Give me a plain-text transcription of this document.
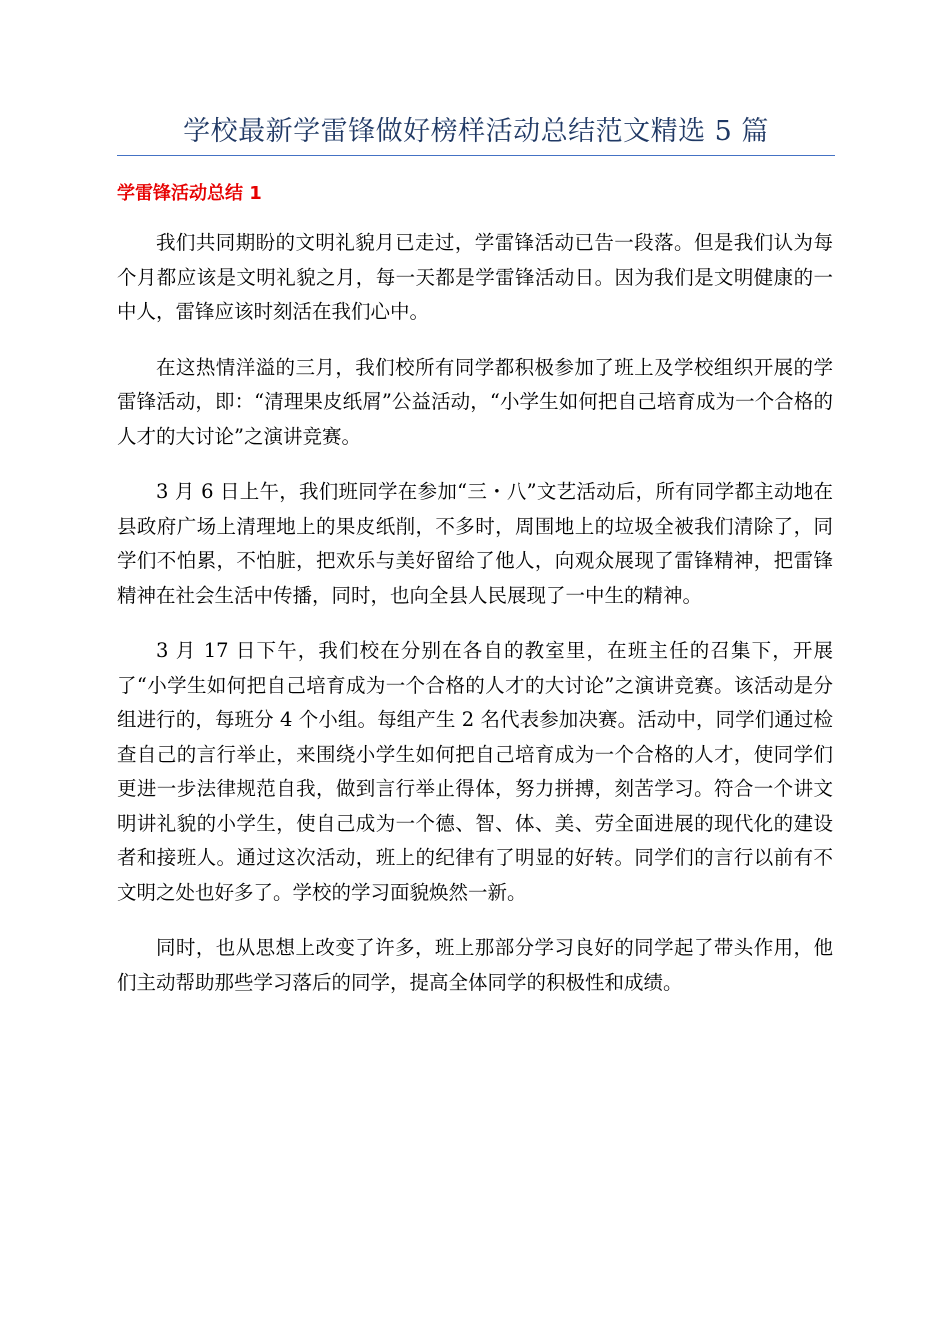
学校最新学雷锋做好榜样活动总结范文精选 5 篇
学雷锋活动总结 1

我们共同期盼的文明礼貌月已走过，学雷锋活动已告一段落。但是我们认为每个月都应该是文明礼貌之月，每一天都是学雷锋活动日。因为我们是文明健康的一中人，雷锋应该时刻活在我们心中。

在这热情洋溢的三月，我们校所有同学都积极参加了班上及学校组织开展的学雷锋活动，即：“清理果皮纸屑”公益活动，“小学生如何把自己培育成为一个合格的人才的大讨论”之演讲竞赛。

3 月 6 日上午，我们班同学在参加“三・八”文艺活动后，所有同学都主动地在县政府广场上清理地上的果皮纸削，不多时，周围地上的垃圾全被我们清除了，同学们不怕累，不怕脏，把欢乐与美好留给了他人，向观众展现了雷锋精神，把雷锋精神在社会生活中传播，同时，也向全县人民展现了一中生的精神。

3 月 17 日下午，我们校在分别在各自的教室里，在班主任的召集下，开展了“小学生如何把自己培育成为一个合格的人才的大讨论”之演讲竞赛。该活动是分组进行的，每班分 4 个小组。每组产生 2 名代表参加决赛。活动中，同学们通过检查自己的言行举止，来围绕小学生如何把自己培育成为一个合格的人才，使同学们更进一步法律规范自我，做到言行举止得体，努力拼搏，刻苦学习。符合一个讲文明讲礼貌的小学生，使自己成为一个德、智、体、美、劳全面进展的现代化的建设者和接班人。通过这次活动，班上的纪律有了明显的好转。同学们的言行以前有不文明之处也好多了。学校的学习面貌焕然一新。

同时，也从思想上改变了许多，班上那部分学习良好的同学起了带头作用，他们主动帮助那些学习落后的同学，提高全体同学的积极性和成绩。
